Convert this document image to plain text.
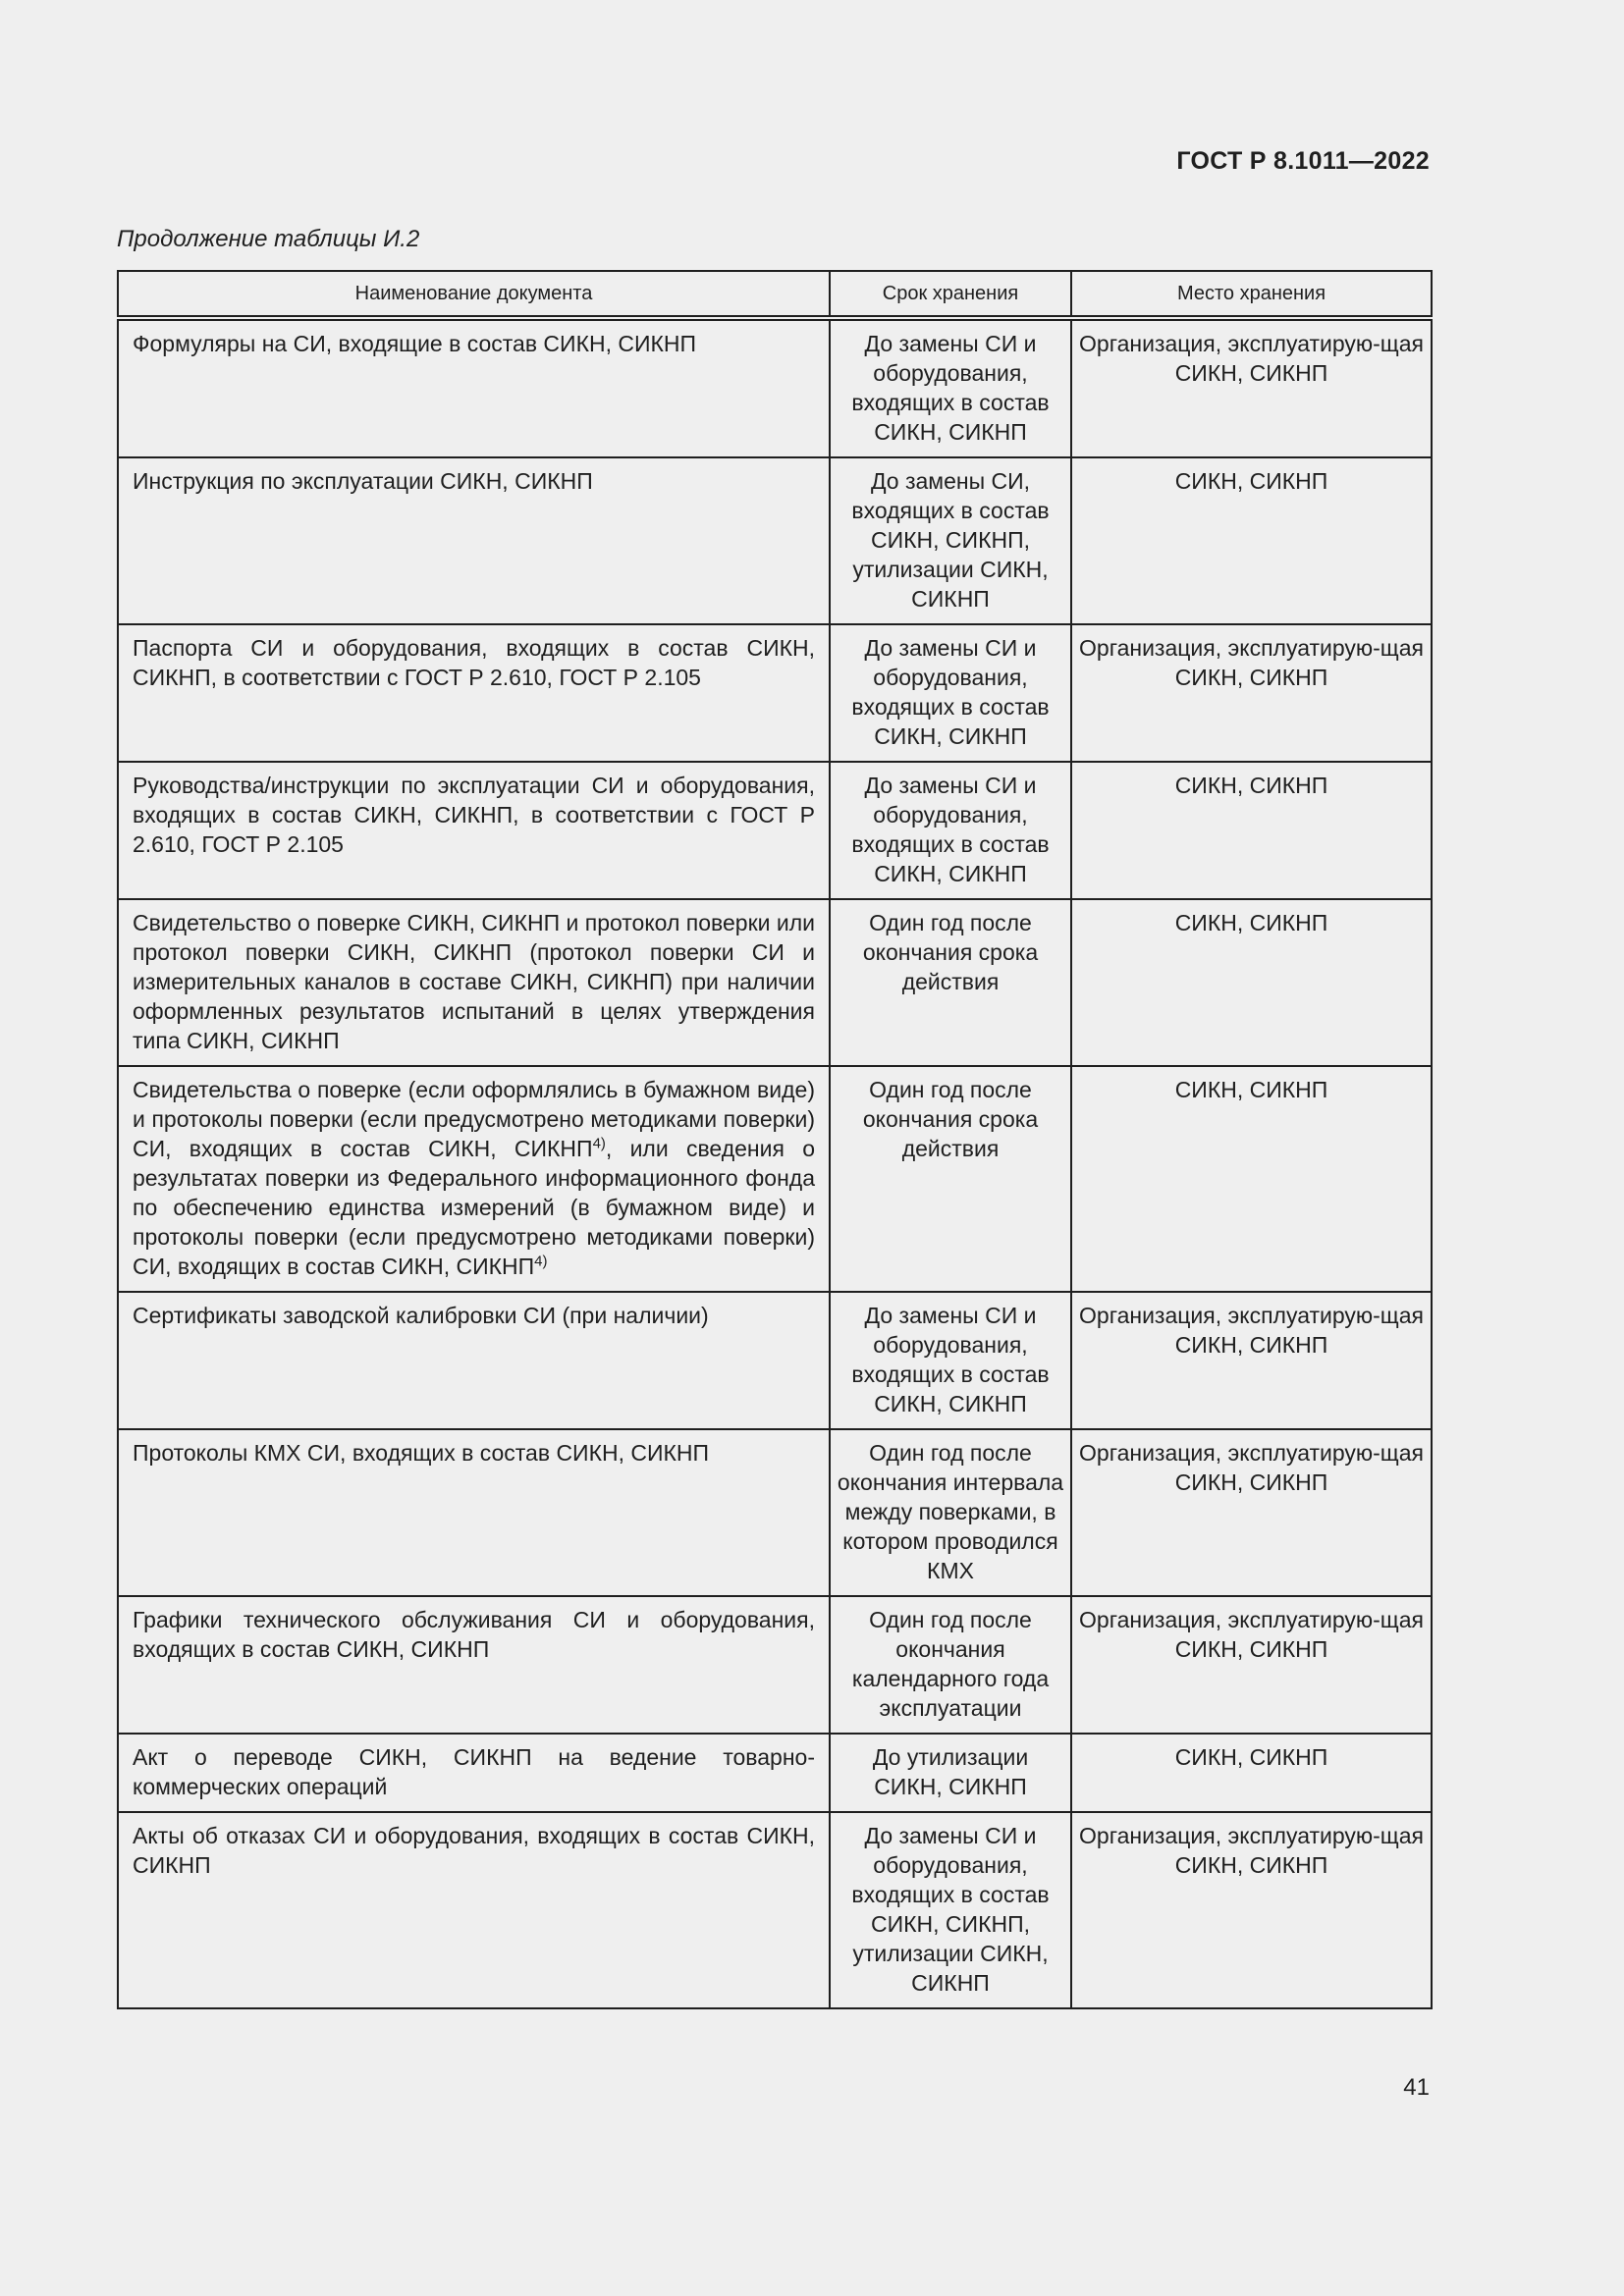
ГОСТ Р 8.1011—2022
Продолжение таблицы И.2
Наименование документа	Срок хранения	Место хранения
Формуляры на СИ, входящие в состав СИКН, СИКНП	До замены СИ и оборудования, входящих в состав СИКН, СИКНП	Организация, эксплуатирую-щая СИКН, СИКНП
Инструкция по эксплуатации СИКН, СИКНП	До замены СИ, входящих в состав СИКН, СИКНП, утилизации СИКН, СИКНП	СИКН, СИКНП
Паспорта СИ и оборудования, входящих в состав СИКН, СИКНП, в соответствии с ГОСТ Р 2.610, ГОСТ Р 2.105	До замены СИ и оборудования, входящих в состав СИКН, СИКНП	Организация, эксплуатирую-щая СИКН, СИКНП
Руководства/инструкции по эксплуатации СИ и оборудования, входящих в состав СИКН, СИКНП, в соответствии с ГОСТ Р 2.610, ГОСТ Р 2.105	До замены СИ и оборудования, входящих в состав СИКН, СИКНП	СИКН, СИКНП
Свидетельство о поверке СИКН, СИКНП и протокол поверки или протокол поверки СИКН, СИКНП (протокол поверки СИ и измерительных каналов в составе СИКН, СИКНП) при наличии оформленных результатов испытаний в целях утверждения типа СИКН, СИКНП	Один год после окончания срока действия	СИКН, СИКНП
Свидетельства о поверке (если оформлялись в бумажном виде) и протоколы поверки (если предусмотрено методиками поверки) СИ, входящих в состав СИКН, СИКНП$^{4)}$, или сведения о результатах поверки из Федерального информационного фонда по обеспечению единства измерений (в бумажном виде) и протоколы поверки (если предусмотрено методиками поверки) СИ, входящих в состав СИКН, СИКНП$^{4)}$	Один год после окончания срока действия	СИКН, СИКНП
Сертификаты заводской калибровки СИ (при наличии)	До замены СИ и оборудования, входящих в состав СИКН, СИКНП	Организация, эксплуатирую-щая СИКН, СИКНП
Протоколы КМХ СИ, входящих в состав СИКН, СИКНП	Один год после окончания интервала между поверками, в котором проводился КМХ	Организация, эксплуатирую-щая СИКН, СИКНП
Графики технического обслуживания СИ и оборудования, входящих в состав СИКН, СИКНП	Один год после окончания календарного года эксплуатации	Организация, эксплуатирую-щая СИКН, СИКНП
Акт о переводе СИКН, СИКНП на ведение товарно-коммерческих операций	До утилизации СИКН, СИКНП	СИКН, СИКНП
Акты об отказах СИ и оборудования, входящих в состав СИКН, СИКНП	До замены СИ и оборудования, входящих в состав СИКН, СИКНП, утилизации СИКН, СИКНП	Организация, эксплуатирую-щая СИКН, СИКНП
41
